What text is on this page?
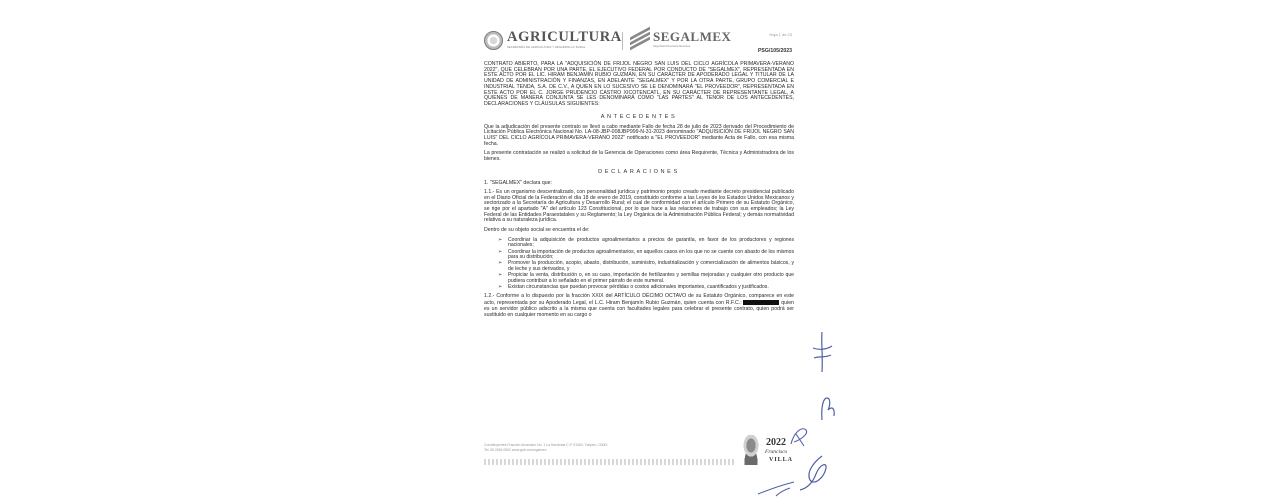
AGRICULTURA
SECRETARÍA DE AGRICULTURA Y DESARROLLO RURAL
SEGALMEX
Seguridad Alimentaria Mexicana
Hoja 1 de 23
PSG/105/2023

CONTRATO ABIERTO, PARA LA "ADQUISICIÓN DE FRIJOL NEGRO SAN LUIS DEL CICLO AGRÍCOLA PRIMAVERA-VERANO 2022", QUE CELEBRAN POR UNA PARTE, EL EJECUTIVO FEDERAL POR CONDUCTO DE "SEGALMEX", REPRESENTADA EN ESTE ACTO POR EL LIC. HIRAM BENJAMÍN RUBIO GUZMÁN, EN SU CARÁCTER DE APODERADO LEGAL Y TITULAR DE LA UNIDAD DE ADMINISTRACIÓN Y FINANZAS, EN ADELANTE "SEGALMEX" Y POR LA OTRA PARTE, GRUPO COMERCIAL E INDUSTRIAL TENDA, S.A. DE C.V., A QUIEN EN LO SUCESIVO SE LE DENOMINARÁ "EL PROVEEDOR", REPRESENTADA EN ESTE ACTO POR EL C. JORGE PRUDENCIO CASTRO XICOTENCATL, EN SU CARÁCTER DE REPRESENTANTE LEGAL, A QUIENES DE MANERA CONJUNTA SE LES DENOMINARÁ COMO "LAS PARTES" AL TENOR DE LOS ANTECEDENTES, DECLARACIONES Y CLÁUSULAS SIGUIENTES:

ANTECEDENTES

Que la adjudicación del presente contrato se llevó a cabo mediante Fallo de fecha 28 de julio de 2023 derivado del Procedimiento de Licitación Pública Electrónica Nacional No. LA-08-JBP-008JBP999-N-31-2023 denominado "ADQUISICIÓN DE FRIJOL NEGRO SAN LUIS" DEL CICLO AGRÍCOLA PRIMAVERA-VERANO 2022" notificado a "EL PROVEEDOR" mediante Acta de Fallo, con esa misma fecha.

La presente contratación se realizó a solicitud de la Gerencia de Operaciones como área Requirente, Técnica y Administradora de los bienes.

DECLARACIONES
1. "SEGALMEX" declara que:

1.1.- Es un organismo descentralizado, con personalidad jurídica y patrimonio propio creado mediante decreto presidencial publicado en el Diario Oficial de la Federación el día 18 de enero de 2019, constituido conforme a las Leyes de los Estados Unidos Mexicanos y sectorizado a la Secretaría de Agricultura y Desarrollo Rural; el cual de conformidad con el artículo Primero de su Estatuto Orgánico, se rige por el apartado "A" del artículo 123 Constitucional, por lo que hace a las relaciones de trabajo con sus empleados; la Ley Federal de las Entidades Paraestatales y su Reglamento; la Ley Orgánica de la Administración Pública Federal; y demás normatividad relativa a su naturaleza jurídica.

Dentro de su objeto social se encuentra el de:

➢ Coordinar la adquisición de productos agroalimentarios a precios de garantía, en favor de los productores y regiones nacionales;
➢ Coordinar la importación de productos agroalimentarios, en aquellos casos en los que no se cuente con abasto de los mismos para su distribución;
➢ Promover la producción, acopio, abasto, distribución, suministro, industrialización y comercialización de alimentos básicos, y de leche y sus derivados, y
➢ Propiciar la venta, distribución o, en su caso, importación de fertilizantes y semillas mejoradas y cualquier otro producto que pudiera contribuir a lo señalado en el primer párrafo de este numeral.
➢ Existan circunstancias que puedan provocar pérdidas o costos adicionales importantes, cuantificados y justificados.

1.2.- Conforme a lo dispuesto por la fracción XXIX del ARTÍCULO DÉCIMO OCTAVO de su Estatuto Orgánico, comparece en este acto, representada por su Apoderado Legal, el L.C. Hiram Benjamín Rubio Guzmán, quien cuenta con R.F.C.:	quien es un servidor público adscrito a la misma que cuenta con facultades legales para celebrar el presente contrato, quien podrá ser sustituido en cualquier momento en su cargo o

Constituyentes Fracción Amanalco No. 1 La Hacienda C.P. 01060, Tlalpan, CDMX.
Tel: 55 2654 0800 www.gob.mx/segalmex
2022
Francisco
VILLA
